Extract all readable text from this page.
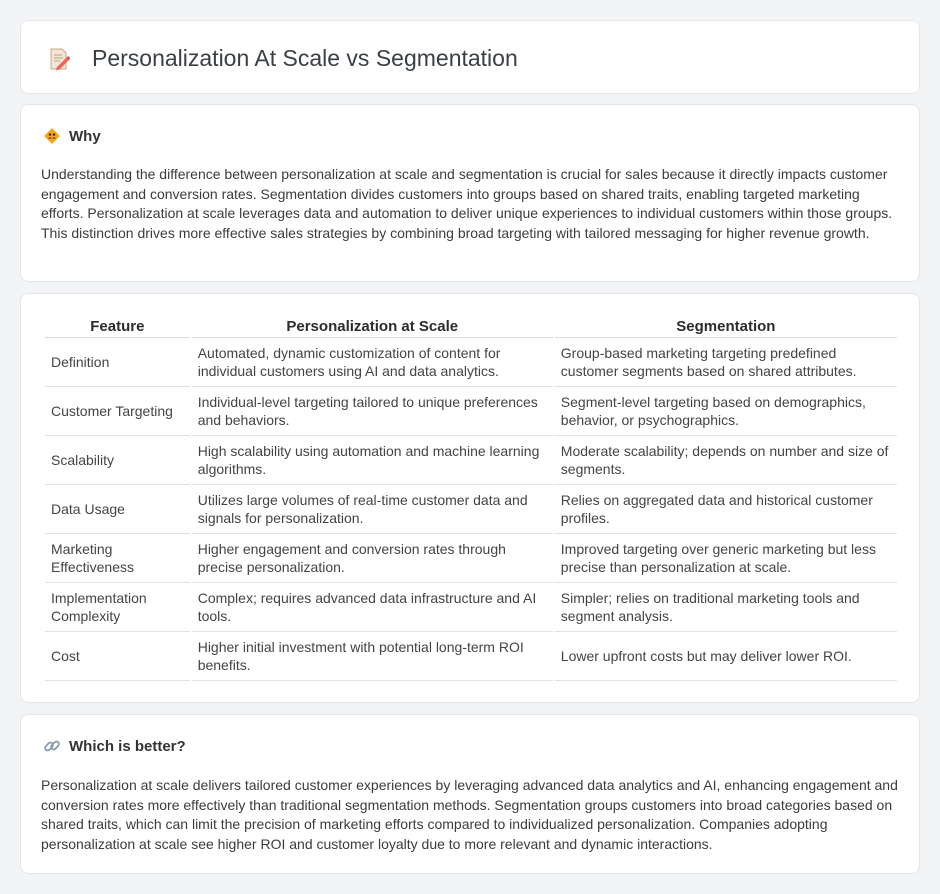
Personalization At Scale vs Segmentation
Why

Understanding the difference between personalization at scale and segmentation is crucial for sales because it directly impacts customer engagement and conversion rates. Segmentation divides customers into groups based on shared traits, enabling targeted marketing efforts. Personalization at scale leverages data and automation to deliver unique experiences to individual customers within those groups. This distinction drives more effective sales strategies by combining broad targeting with tailored messaging for higher revenue growth.

Feature	Personalization at Scale	Segmentation
Definition	Automated, dynamic customization of content for individual customers using AI and data analytics.	Group-based marketing targeting predefined customer segments based on shared attributes.
Customer Targeting	Individual-level targeting tailored to unique preferences and behaviors.	Segment-level targeting based on demographics, behavior, or psychographics.
Scalability	High scalability using automation and machine learning algorithms.	Moderate scalability; depends on number and size of segments.
Data Usage	Utilizes large volumes of real-time customer data and signals for personalization.	Relies on aggregated data and historical customer profiles.
Marketing Effectiveness	Higher engagement and conversion rates through precise personalization.	Improved targeting over generic marketing but less precise than personalization at scale.
Implementation Complexity	Complex; requires advanced data infrastructure and AI tools.	Simpler; relies on traditional marketing tools and segment analysis.
Cost	Higher initial investment with potential long-term ROI benefits.	Lower upfront costs but may deliver lower ROI.
Which is better?

Personalization at scale delivers tailored customer experiences by leveraging advanced data analytics and AI, enhancing engagement and conversion rates more effectively than traditional segmentation methods. Segmentation groups customers into broad categories based on shared traits, which can limit the precision of marketing efforts compared to individualized personalization. Companies adopting personalization at scale see higher ROI and customer loyalty due to more relevant and dynamic interactions.
